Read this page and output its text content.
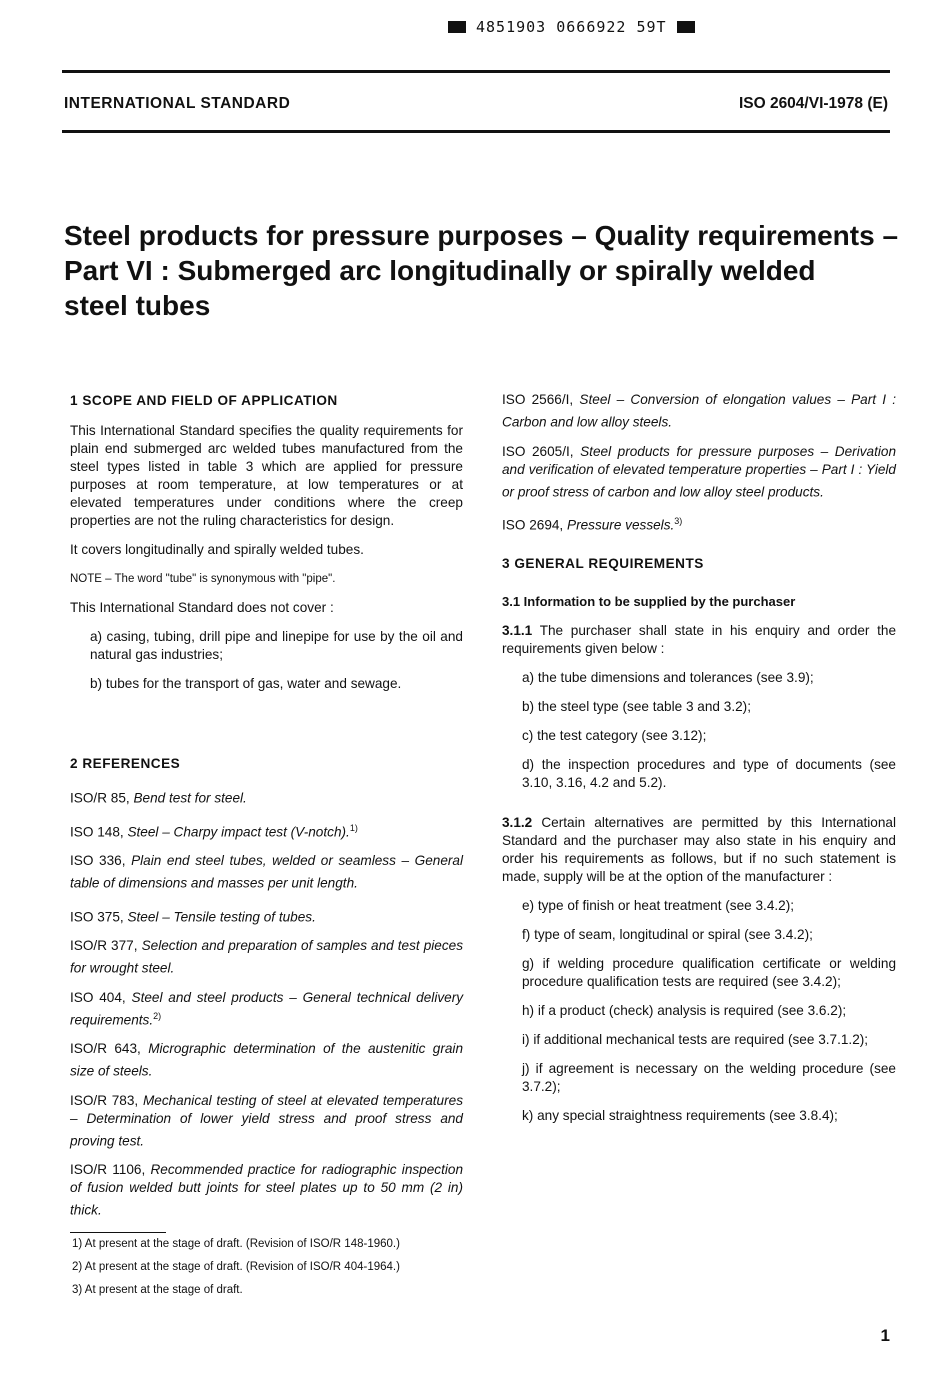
4851903 0666922 59T
INTERNATIONAL STANDARD	ISO 2604/VI-1978 (E)
Steel products for pressure purposes – Quality requirements –
Part VI : Submerged arc longitudinally or spirally welded
steel tubes

1 SCOPE AND FIELD OF APPLICATION

This International Standard specifies the quality requirements for plain end submerged arc welded tubes manufactured from the steel types listed in table 3 which are applied for pressure purposes at room temperature, at low temperatures or at elevated temperatures under conditions where the creep properties are not the ruling characteristics for design.

It covers longitudinally and spirally welded tubes.

NOTE – The word "tube" is synonymous with "pipe".

This International Standard does not cover :

a) casing, tubing, drill pipe and linepipe for use by the oil and natural gas industries;

b) tubes for the transport of gas, water and sewage.

2 REFERENCES

ISO/R 85, Bend test for steel.

ISO 148, Steel – Charpy impact test (V-notch).$^{1)}$

ISO 336, Plain end steel tubes, welded or seamless – General table of dimensions and masses per unit length.

ISO 375, Steel – Tensile testing of tubes.

ISO/R 377, Selection and preparation of samples and test pieces for wrought steel.

ISO 404, Steel and steel products – General technical delivery requirements.$^{2)}$

ISO/R 643, Micrographic determination of the austenitic grain size of steels.

ISO/R 783, Mechanical testing of steel at elevated temperatures – Determination of lower yield stress and proof stress and proving test.

ISO/R 1106, Recommended practice for radiographic inspection of fusion welded butt joints for steel plates up to 50 mm (2 in) thick.

ISO 2566/I, Steel – Conversion of elongation values – Part I : Carbon and low alloy steels.

ISO 2605/I, Steel products for pressure purposes – Derivation and verification of elevated temperature properties – Part I : Yield or proof stress of carbon and low alloy steel products.

ISO 2694, Pressure vessels.$^{3)}$

3 GENERAL REQUIREMENTS

3.1 Information to be supplied by the purchaser

3.1.1 The purchaser shall state in his enquiry and order the requirements given below :

a) the tube dimensions and tolerances (see 3.9);

b) the steel type (see table 3 and 3.2);

c) the test category (see 3.12);

d) the inspection procedures and type of documents (see 3.10, 3.16, 4.2 and 5.2).

3.1.2 Certain alternatives are permitted by this International Standard and the purchaser may also state in his enquiry and order his requirements as follows, but if no such statement is made, supply will be at the option of the manufacturer :

e) type of finish or heat treatment (see 3.4.2);

f) type of seam, longitudinal or spiral (see 3.4.2);

g) if welding procedure qualification certificate or welding procedure qualification tests are required (see 3.4.2);

h) if a product (check) analysis is required (see 3.6.2);

i) if additional mechanical tests are required (see 3.7.1.2);

j) if agreement is necessary on the welding procedure (see 3.7.2);

k) any special straightness requirements (see 3.8.4);

1) At present at the stage of draft. (Revision of ISO/R 148-1960.)
2) At present at the stage of draft. (Revision of ISO/R 404-1964.)
3) At present at the stage of draft.
1
